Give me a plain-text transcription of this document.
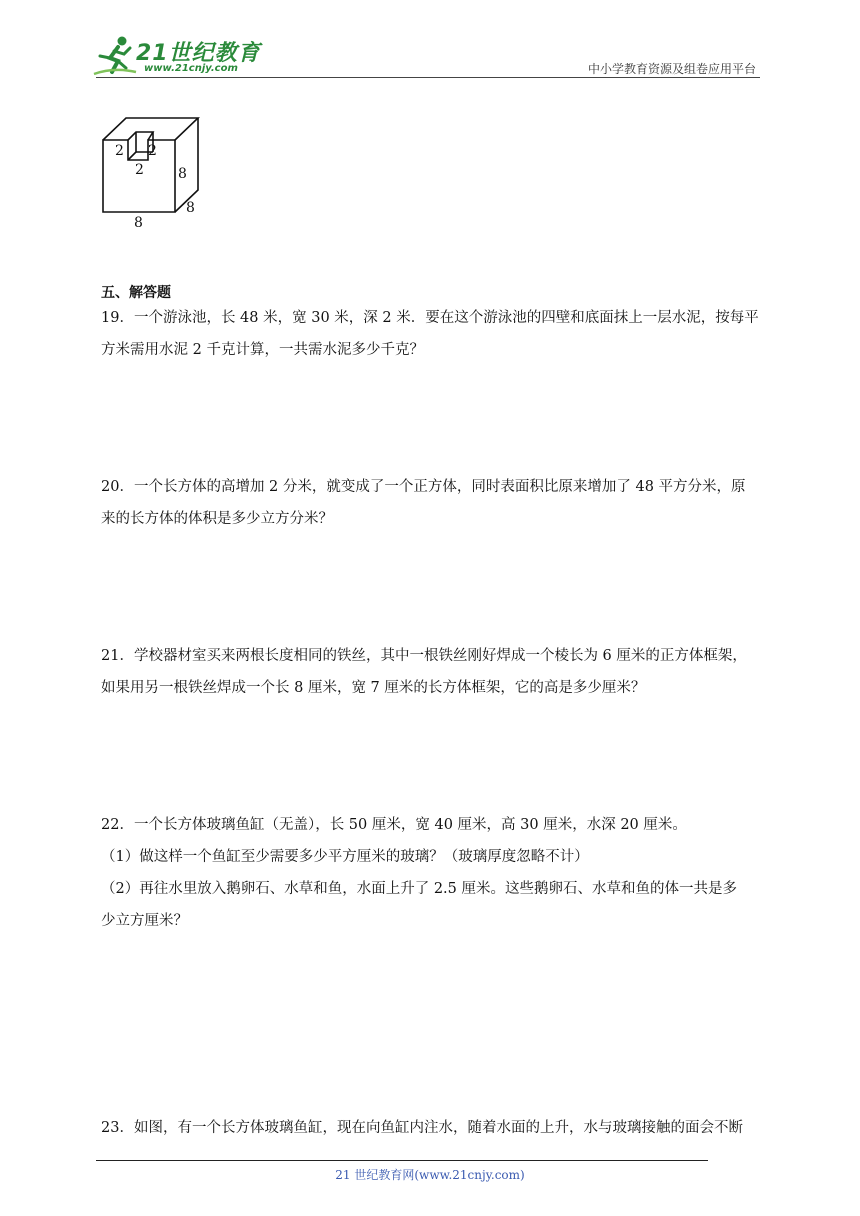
21世纪教育
www.21cnjy.com	中小学教育资源及组卷应用平台
2 2
2 8
8
8
五、解答题

19．一个游泳池，长 48 米，宽 30 米，深 2 米．要在这个游泳池的四壁和底面抹上一层水泥，按每平

方米需用水泥 2 千克计算，一共需水泥多少千克？

20．一个长方体的高增加 2 分米，就变成了一个正方体，同时表面积比原来增加了 48 平方分米，原

来的长方体的体积是多少立方分米？

21．学校器材室买来两根长度相同的铁丝，其中一根铁丝刚好焊成一个棱长为 6 厘米的正方体框架，

如果用另一根铁丝焊成一个长 8 厘米，宽 7 厘米的长方体框架，它的高是多少厘米？

22．一个长方体玻璃鱼缸（无盖），长 50 厘米，宽 40 厘米，高 30 厘米，水深 20 厘米。

（1）做这样一个鱼缸至少需要多少平方厘米的玻璃？（玻璃厚度忽略不计）

（2）再往水里放入鹅卵石、水草和鱼，水面上升了 2.5 厘米。这些鹅卵石、水草和鱼的体一共是多

少立方厘米？

23．如图，有一个长方体玻璃鱼缸，现在向鱼缸内注水，随着水面的上升，水与玻璃接触的面会不断

21 世纪教育网(www.21cnjy.com)
